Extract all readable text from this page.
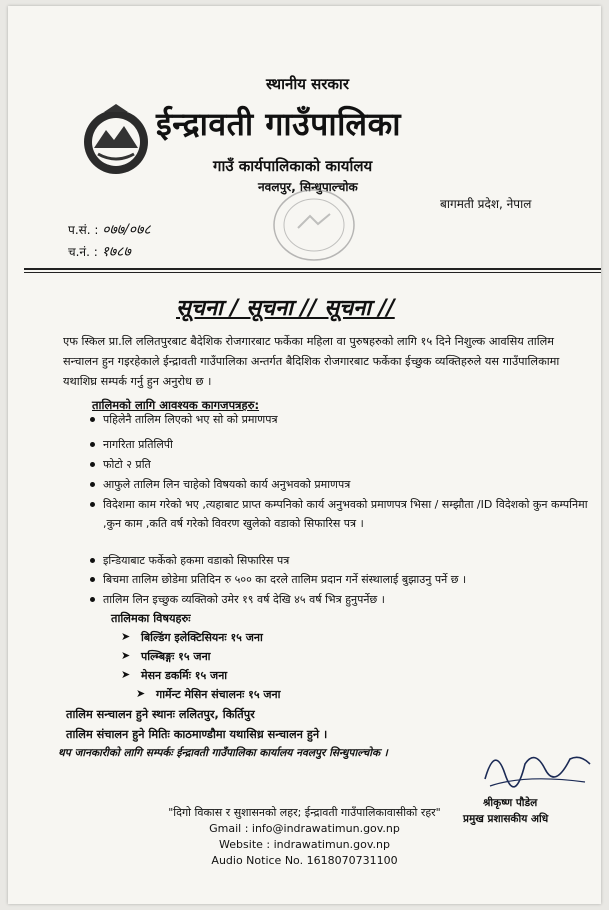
स्थानीय सरकार
ईन्द्रावती गाउँपालिका
गाउँ कार्यपालिकाको कार्यालय
नवलपुर, सिन्धुपाल्चोक
बागमती प्रदेश, नेपाल
प.सं. : ०७७/०७८
च.नं. : १७८७
सूचना / सूचना // सूचना //
एफ स्किल प्रा.लि ललितपुरबाट बैदेशिक रोजगारबाट फर्केका महिला वा पुरुषहरुको लागि १५ दिने निशुल्क आवसिय तालिम सन्चालन हुन गइरहेकाले ईन्द्रावती गाउँपालिका अन्तर्गत बैदिशिक रोजगारबाट फर्केका ईच्छुक व्यक्तिहरुले यस गाउँपालिकामा यथाशिघ्र सम्पर्क गर्नु हुन अनुरोध छ ।
तालिमको लागि आवश्यक कागजपत्रहरु:
पहिलेनै तालिम लिएको भए सो को प्रमाणपत्र
नागरिता प्रतिलिपी
फोटो २ प्रति
आफुले तालिम लिन चाहेको विषयको कार्य अनुभवको प्रमाणपत्र
विदेशमा काम गरेको भए ,त्यहाबाट प्राप्त कम्पनिको कार्य अनुभवको प्रमाणपत्र भिसा / सम्झौता /ID विदेशको कुन कम्पनिमा ,कुन काम ,कति वर्ष गरेको विवरण खुलेको वडाको सिफारिस पत्र ।
इन्डियाबाट फर्केको हकमा वडाको सिफारिस पत्र
बिचमा तालिम छोडेमा प्रतिदिन रु ५०० का दरले तालिम प्रदान गर्ने संस्थालाई बुझाउनु पर्ने छ ।
तालिम लिन इच्छुक व्यक्तिको उमेर १९ वर्ष देखि ४५ वर्ष भित्र हुनुपर्नेछ ।
तालिमका विषयहरुः
➤ बिल्डिंग इलेक्टिसियनः १५ जना
➤ पल्म्बिङ्गः १५ जना
➤ मेसन डकर्मिः १५ जना
➤ गार्मेन्ट मेसिन संचालनः १५ जना
तालिम सन्चालन हुने स्थानः ललितपुर, किर्तिपुर
तालिम संचालन हुने मितिः काठमाण्डौमा यथासिध्र सन्चालन हुने ।
थप जानकारीको लागि सम्पर्कः ईन्द्रावती गाउँपालिका कार्यालय नवलपुर सिन्धुपाल्चोक ।
श्रीकृष्ण पौडेल
प्रमुख प्रशासकीय अधि
"दिगो विकास र सुशासनको लहर; ईन्द्रावती गाउँपालिकावासीको रहर"
Gmail : info@indrawatimun.gov.np
Website : indrawatimun.gov.np
Audio Notice No. 1618070731100
